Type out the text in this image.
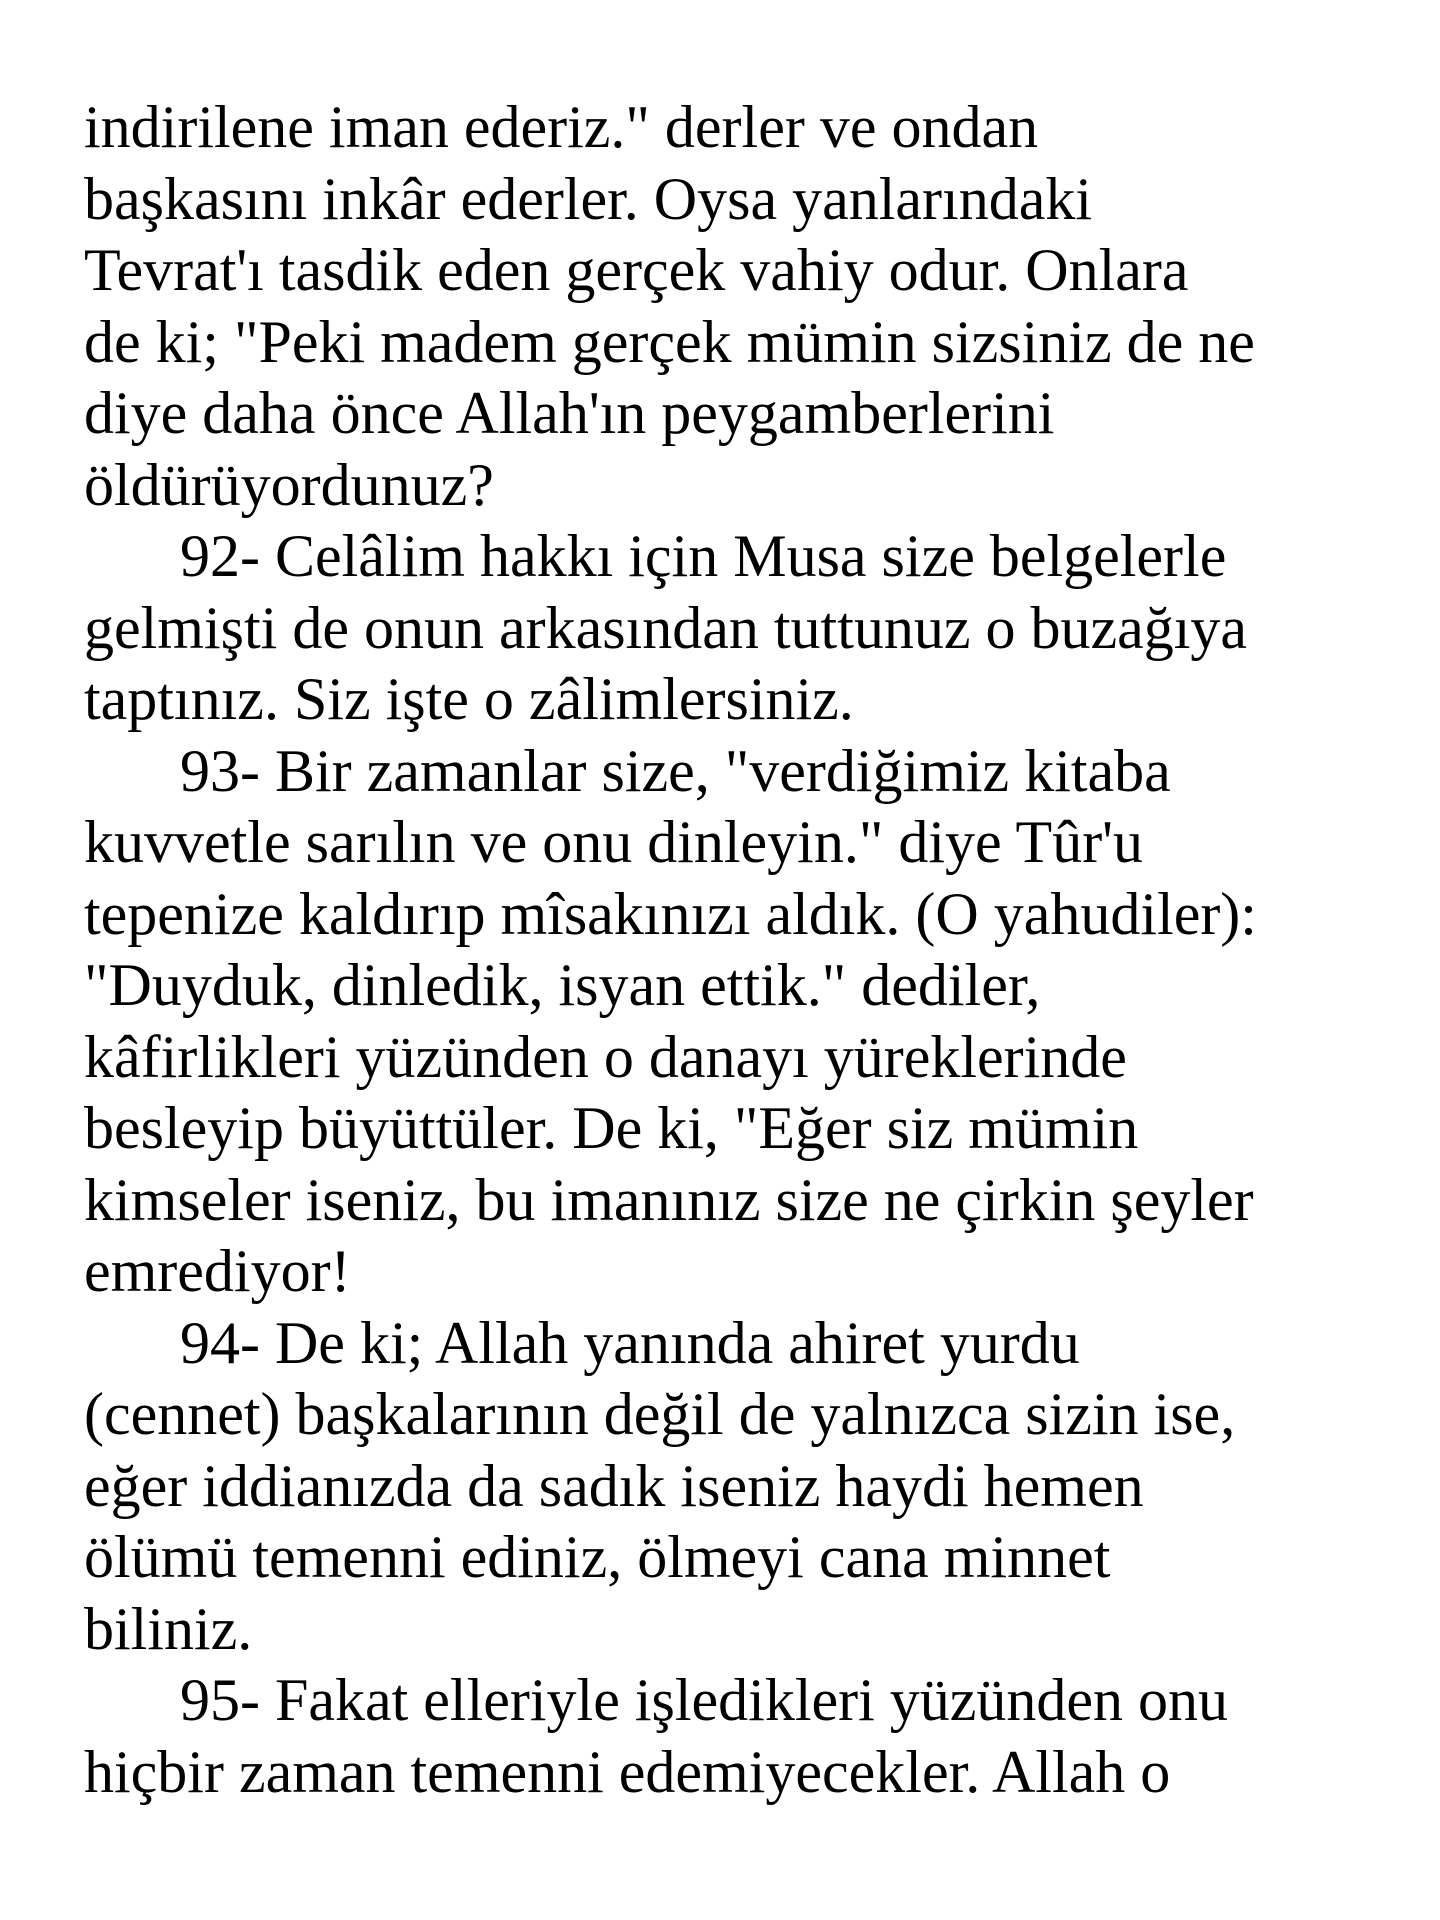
indirilene iman ederiz." derler ve ondan
başkasını inkâr ederler. Oysa yanlarındaki
Tevrat'ı tasdik eden gerçek vahiy odur. Onlara
de ki; "Peki madem gerçek mümin sizsiniz de ne
diye daha önce Allah'ın peygamberlerini
öldürüyordunuz?
92- Celâlim hakkı için Musa size belgelerle
gelmişti de onun arkasından tuttunuz o buzağıya
taptınız. Siz işte o zâlimlersiniz.
93- Bir zamanlar size, "verdiğimiz kitaba
kuvvetle sarılın ve onu dinleyin." diye Tûr'u
tepenize kaldırıp mîsakınızı aldık. (O yahudiler):
"Duyduk, dinledik, isyan ettik." dediler,
kâfirlikleri yüzünden o danayı yüreklerinde
besleyip büyüttüler. De ki, "Eğer siz mümin
kimseler iseniz, bu imanınız size ne çirkin şeyler
emrediyor!
94- De ki; Allah yanında ahiret yurdu
(cennet) başkalarının değil de yalnızca sizin ise,
eğer iddianızda da sadık iseniz haydi hemen
ölümü temenni ediniz, ölmeyi cana minnet
biliniz.
95- Fakat elleriyle işledikleri yüzünden onu
hiçbir zaman temenni edemiyecekler. Allah o
